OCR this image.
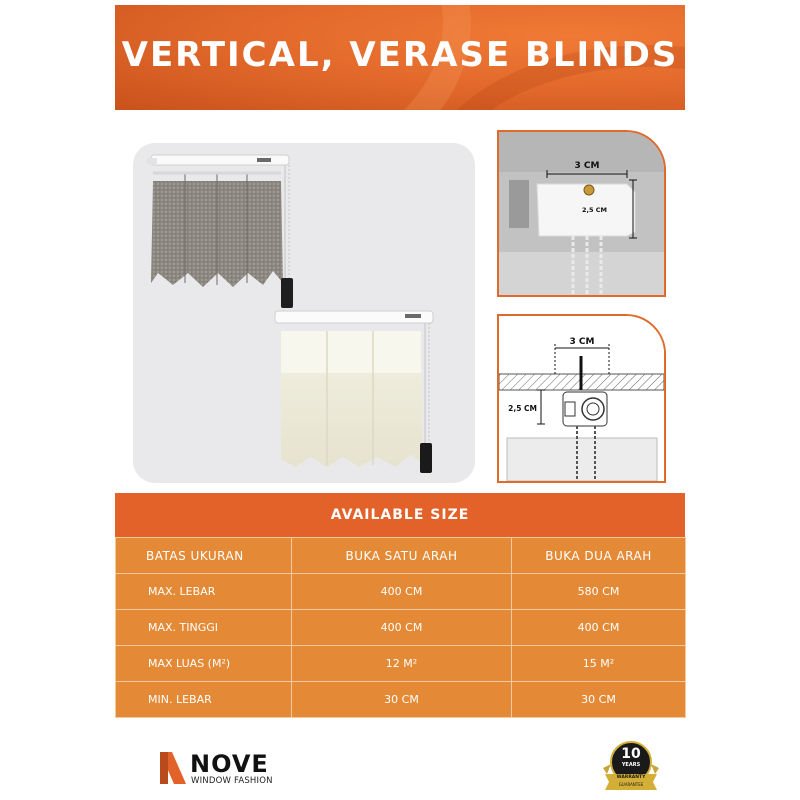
VERTICAL, VERASE BLINDS
3 CM
2,5 CM
3 CM
2,5 CM
AVAILABLE SIZE
BATAS UKURAN	BUKA SATU ARAH	BUKA DUA ARAH
MAX. LEBAR	400 CM	580 CM
MAX. TINGGI	400 CM	400 CM
MAX LUAS (M²)	12 M²	15 M²
MIN. LEBAR	30 CM	30 CM
NOVE
WINDOW FASHION
10
YEARS
WARRANTY
GUARANTEE
